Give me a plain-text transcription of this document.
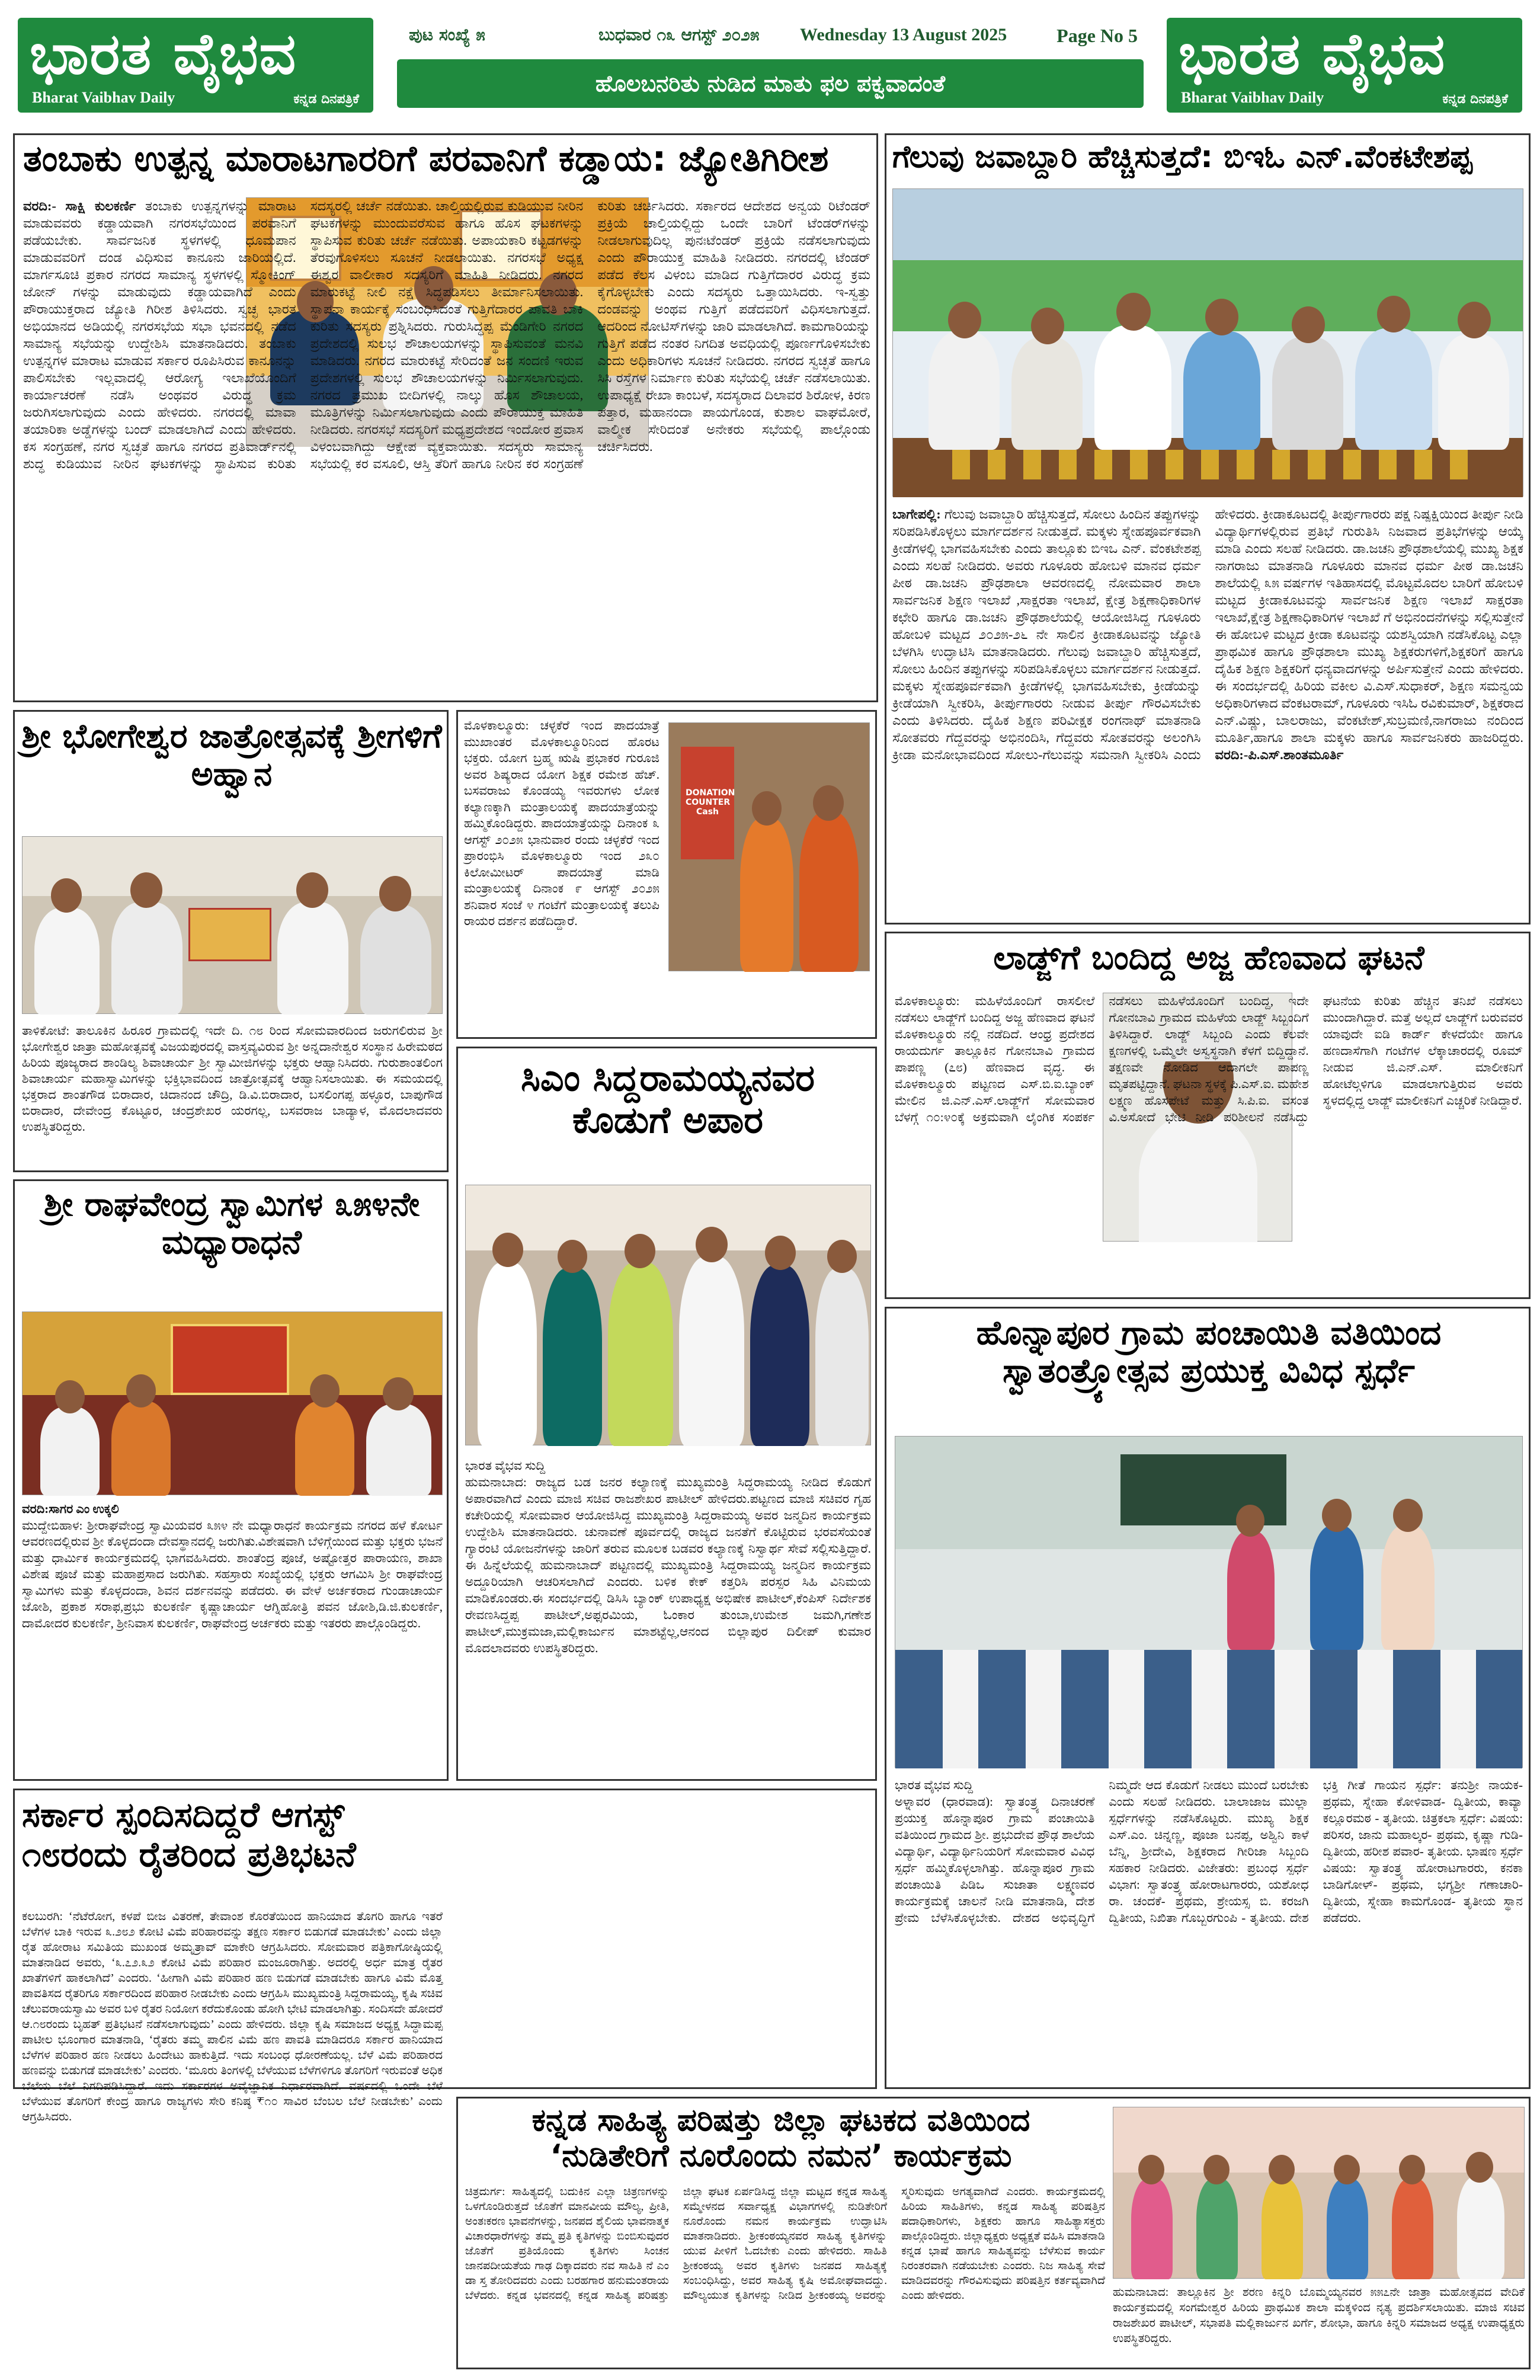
ಭಾರತ ವೈಭವ
Bharat Vaibhav Daily	ಕನ್ನಡ ದಿನಪತ್ರಿಕೆ
ಪುಟ ಸಂಖ್ಯೆ ೫	ಬುಧವಾರ ೧೩ ಆಗಸ್ಟ್ ೨೦೨೫ Wednesday 13 August 2025	Page No 5
ಹೊಲಬನರಿತು ನುಡಿದ ಮಾತು ಫಲ ಪಕ್ವವಾದಂತೆ	ಭಾರತ ವೈಭವ
Bharat Vaibhav Daily	ಕನ್ನಡ ದಿನಪತ್ರಿಕೆ
ತಂಬಾಕು ಉತ್ಪನ್ನ ಮಾರಾಟಗಾರರಿಗೆ ಪರವಾನಿಗೆ ಕಡ್ಡಾಯ: ಜ್ಯೋತಿಗಿರೀಶ
ವರದಿ:- ಸಾಕ್ಷಿ ಕುಲಕರ್ಣಿ ತಂಬಾಕು ಉತ್ಪನ್ನಗಳನ್ನು ಮಾರಾಟ ಮಾಡುವವರು ಕಡ್ಡಾಯವಾಗಿ ನಗರಸಭೆಯಿಂದ ಪರವಾನಿಗೆ ಪಡೆಯಬೇಕು. ಸಾರ್ವಜನಿಕ ಸ್ಥಳಗಳಲ್ಲಿ ಧೂಮಪಾನ ಮಾಡುವವರಿಗೆ ದಂಡ ವಿಧಿಸುವ ಕಾನೂನು ಜಾರಿಯಲ್ಲಿದೆ. ಮಾರ್ಗಸೂಚಿ ಪ್ರಕಾರ ನಗರದ ಸಾಮಾನ್ಯ ಸ್ಥಳಗಳಲ್ಲಿ ಸ್ಮೋಕಿಂಗ್ ಜೋನ್ ಗಳನ್ನು ಮಾಡುವುದು ಕಡ್ಡಾಯವಾಗಿದೆ ಎಂದು ಪೌರಾಯುಕ್ತರಾದ ಜ್ಯೋತಿ ಗಿರೀಶ ತಿಳಿಸಿದರು. ಸ್ವಚ್ಛ ಭಾರತ ಅಭಿಯಾನದ ಅಡಿಯಲ್ಲಿ ನಗರಸಭೆಯ ಸಭಾ ಭವನದಲ್ಲಿ ನಡೆದ ಸಾಮಾನ್ಯ ಸಭೆಯನ್ನು ಉದ್ದೇಶಿಸಿ ಮಾತನಾಡಿದರು. ತಂಬಾಕು ಉತ್ಪನ್ನಗಳ ಮಾರಾಟ ಮಾಡುವ ಸರ್ಕಾರ ರೂಪಿಸಿರುವ ಕಾನೂನನ್ನು ಪಾಲಿಸಬೇಕು ಇಲ್ಲವಾದಲ್ಲಿ ಆರೋಗ್ಯ ಇಲಾಖೆಯೊಂದಿಗೆ ಕಾರ್ಯಾಚರಣೆ ನಡೆಸಿ ಅಂಥವರ ವಿರುದ್ಧ ಕ್ರಮ ಜರುಗಿಸಲಾಗುವುದು ಎಂದು ಹೇಳಿದರು. ನಗರದಲ್ಲಿ ಮಾವಾ ತಯಾರಿಕಾ ಅಡ್ಡೆಗಳನ್ನು ಬಂದ್ ಮಾಡಲಾಗಿದೆ ಎಂದು ಹೇಳಿದರು. ಕಸ ಸಂಗ್ರಹಣೆ, ನಗರ ಸ್ವಚ್ಛತೆ ಹಾಗೂ ನಗರದ ಪ್ರತಿವಾರ್ಡ್‌ನಲ್ಲಿ ಶುದ್ಧ ಕುಡಿಯುವ ನೀರಿನ ಘಟಕಗಳನ್ನು ಸ್ಥಾಪಿಸುವ ಕುರಿತು ಸದಸ್ಯರಲ್ಲಿ ಚರ್ಚೆ ನಡೆಯಿತು. ಚಾಲ್ತಿಯಲ್ಲಿರುವ ಕುಡಿಯುವ ನೀರಿನ ಘಟಕಗಳನ್ನು ಮುಂದುವರೆಸುವ ಹಾಗೂ ಹೊಸ ಘಟಕಗಳನ್ನು ಸ್ಥಾಪಿಸುವ ಕುರಿತು ಚರ್ಚೆ ನಡೆಯಿತು. ಅಪಾಯಕಾರಿ ಕಟ್ಟಡಗಳನ್ನು ತೆರವುಗೊಳಿಸಲು ಸೂಚನೆ ನೀಡಲಾಯಿತು. ನಗರಸಭೆ ಅಧ್ಯಕ್ಷ ಈಶ್ವರ ವಾಲೀಕಾರ ಸದಸ್ಯರಿಗೆ ಮಾಹಿತಿ ನೀಡಿದರು. ನಗರದ ಮಾರುಕಟ್ಟೆ ನೀಲಿ ನಕ್ಷೆ ಸಿದ್ಧಪಡಿಸಲು ತೀರ್ಮಾನಿಸಲಾಯಿತು. ಸ್ಥಾಪನಾ ಕಾರ್ಯಕ್ಕೆ ಸಂಬಂಧಿಸಿದಂತೆ ಗುತ್ತಿಗೆದಾರರ ಪಾವತಿ ಬಾಕಿ ಕುರಿತು ಸದಸ್ಯರು ಪ್ರಶ್ನಿಸಿದರು. ಗುರುಸಿದ್ಧಪ್ಪ ಮೆಂಡಿಗೇರಿ ನಗರದ ಪ್ರದೇಶದಲ್ಲಿ ಸುಲಭ ಶೌಚಾಲಯಗಳನ್ನು ಸ್ಥಾಪಿಸುವಂತೆ ಮನವಿ ಮಾಡಿದರು. ನಗರದ ಮಾರುಕಟ್ಟೆ ಸೇರಿದಂತೆ ಜನ ಸಂದಣಿ ಇರುವ ಪ್ರದೇಶಗಳಲ್ಲಿ ಸುಲಭ ಶೌಚಾಲಯಗಳನ್ನು ನಿರ್ಮಿಸಲಾಗುವುದು. ನಗರದ ಪ್ರಮುಖ ಬೀದಿಗಳಲ್ಲಿ ನಾಲ್ಕು ಹೊಸ ಶೌಚಾಲಯ, ಮೂತ್ರಿಗಳನ್ನು ನಿರ್ಮಿಸಲಾಗುವುದು ಎಂದು ಪೌರಾಯುಕ್ತ ಮಾಹಿತಿ ನೀಡಿದರು. ನಗರಸಭೆ ಸದಸ್ಯರಿಗೆ ಮಧ್ಯಪ್ರದೇಶದ ಇಂದೋರ ಪ್ರವಾಸ ವಿಳಂಬವಾಗಿದ್ದು ಆಕ್ಷೇಪ ವ್ಯಕ್ತವಾಯಿತು. ಸದಸ್ಯರು ಸಾಮಾನ್ಯ ಸಭೆಯಲ್ಲಿ ಕರ ವಸೂಲಿ, ಆಸ್ತಿ ತೆರಿಗೆ ಹಾಗೂ ನೀರಿನ ಕರ ಸಂಗ್ರಹಣೆ ಕುರಿತು ಚರ್ಚಿಸಿದರು. ಸರ್ಕಾರದ ಆದೇಶದ ಅನ್ವಯ ರಿಟೆಂಡರ್ ಪ್ರಕ್ರಿಯೆ ಚಾಲ್ತಿಯಲ್ಲಿದ್ದು ಒಂದೇ ಬಾರಿಗೆ ಟೆಂಡರ್‌ಗಳನ್ನು ನೀಡಲಾಗುವುದಿಲ್ಲ ಪುನಃಟೆಂಡರ್ ಪ್ರಕ್ರಿಯೆ ನಡೆಸಲಾಗುವುದು ಎಂದು ಪೌರಾಯುಕ್ತ ಮಾಹಿತಿ ನೀಡಿದರು. ನಗರದಲ್ಲಿ ಟೆಂಡರ್ ಪಡೆದ ಕೆಲಸ ವಿಳಂಬ ಮಾಡಿದ ಗುತ್ತಿಗೆದಾರರ ವಿರುದ್ಧ ಕ್ರಮ ಕೈಗೊಳ್ಳಬೇಕು ಎಂದು ಸದಸ್ಯರು ಒತ್ತಾಯಿಸಿದರು. ಇ-ಸ್ವತ್ತು ದಂಡವನ್ನು ಅಂಥವ ಗುತ್ತಿಗೆ ಪಡೆದವರಿಗೆ ವಿಧಿಸಲಾಗುತ್ತದೆ. ಆದರಿಂದ ನೋಟಿಸ್‌ಗಳನ್ನು ಜಾರಿ ಮಾಡಲಾಗಿದೆ. ಕಾಮಗಾರಿಯನ್ನು ಗುತ್ತಿಗೆ ಪಡೆದ ನಂತರ ನಿಗದಿತ ಅವಧಿಯಲ್ಲಿ ಪೂರ್ಣಗೊಳಿಸಬೇಕು ಎಂದು ಅಧಿಕಾರಿಗಳು ಸೂಚನೆ ನೀಡಿದರು. ನಗರದ ಸ್ವಚ್ಛತೆ ಹಾಗೂ ಸಿಸಿ ರಸ್ತೆಗಳ ನಿರ್ಮಾಣ ಕುರಿತು ಸಭೆಯಲ್ಲಿ ಚರ್ಚೆ ನಡೆಸಲಾಯಿತು. ಉಪಾಧ್ಯಕ್ಷೆ ರೇಖಾ ಕಾಂಬಳೆ, ಸದಸ್ಯರಾದ ದಿಲಾವರ ಶಿರೋಳ, ಕಿರಣ ಪತ್ತಾರ, ಮಹಾನಂದಾ ಪಾಯಗೊಂಡ, ಕುಶಾಲ ವಾಘಮೋರೆ, ವಾಲ್ಮೀಕ ಸೇರಿದಂತೆ ಅನೇಕರು ಸಭೆಯಲ್ಲಿ ಪಾಲ್ಗೊಂಡು ಚರ್ಚಿಸಿದರು.
ಗೆಲುವು ಜವಾಬ್ದಾರಿ ಹೆಚ್ಚಿಸುತ್ತದೆ: ಬಿಇಓ ಎನ್.ವೆಂಕಟೇಶಪ್ಪ
ಬಾಗೇಪಲ್ಲಿ: ಗೆಲುವು ಜವಾಬ್ದಾರಿ ಹೆಚ್ಚಿಸುತ್ತದೆ, ಸೋಲು ಹಿಂದಿನ ತಪ್ಪುಗಳನ್ನು ಸರಿಪಡಿಸಿಕೊಳ್ಳಲು ಮಾರ್ಗದರ್ಶನ ನೀಡುತ್ತದೆ. ಮಕ್ಕಳು ಸ್ನೇಹಪೂರ್ವಕವಾಗಿ ಕ್ರೀಡೆಗಳಲ್ಲಿ ಭಾಗವಹಿಸಬೇಕು ಎಂದು ತಾಲ್ಲೂಕು ಬಿಇಒ ಎನ್. ವೆಂಕಟೇಶಪ್ಪ ಎಂದು ಸಲಹೆ ನೀಡಿದರು. ಅವರು ಗೂಳೂರು ಹೋಬಳಿ ಮಾನವ ಧರ್ಮ ಪೀಠ ಡಾ.ಜಚನಿ ಪ್ರೌಢಶಾಲಾ ಆವರಣದಲ್ಲಿ ನೋಮವಾರ ಶಾಲಾ ಸಾರ್ವಜನಿಕ ಶಿಕ್ಷಣ ಇಲಾಖೆ ,ಸಾಕ್ಷರತಾ ಇಲಾಖೆ, ಕ್ಷೇತ್ರ ಶಿಕ್ಷಣಾಧಿಕಾರಿಗಳ ಕಛೇರಿ ಹಾಗೂ ಡಾ.ಜಚನಿ ಪ್ರೌಢಶಾಲೆಯಲ್ಲಿ ಆಯೋಜಿಸಿದ್ದ ಗೂಳೂರು ಹೋಬಳಿ ಮಟ್ಟದ ೨೦೨೫-೨೬ ನೇ ಸಾಲಿನ ಕ್ರೀಡಾಕೂಟವನ್ನು ಜ್ಯೋತಿ ಬೆಳಗಿಸಿ ಉದ್ಘಾಟಿಸಿ ಮಾತನಾಡಿದರು. ಗೆಲುವು ಜವಾಬ್ದಾರಿ ಹೆಚ್ಚಿಸುತ್ತದೆ, ಸೋಲು ಹಿಂದಿನ ತಪ್ಪುಗಳನ್ನು ಸರಿಪಡಿಸಿಕೊಳ್ಳಲು ಮಾರ್ಗದರ್ಶನ ನೀಡುತ್ತದೆ. ಮಕ್ಕಳು ಸ್ನೇಹಪೂರ್ವಕವಾಗಿ ಕ್ರೀಡೆಗಳಲ್ಲಿ ಭಾಗವಹಿಸಬೇಕು, ಕ್ರೀಡೆಯನ್ನು ಕ್ರೀಡೆಯಾಗಿ ಸ್ವೀಕರಿಸಿ, ತೀರ್ಪುಗಾರರು ನೀಡುವ ತೀರ್ಪು ಗೌರವಿಸಬೇಕು ಎಂದು ತಿಳಿಸಿದರು. ದೈಹಿಕ ಶಿಕ್ಷಣ ಪರಿವೀಕ್ಷಕ ರಂಗನಾಥ್ ಮಾತನಾಡಿ ಸೋತವರು ಗೆದ್ದವರನ್ನು ಅಭಿನಂದಿಸಿ, ಗೆದ್ದವರು ಸೋತವರನ್ನು ಅಲಂಗಿಸಿ ಕ್ರೀಡಾ ಮನೋಭಾವದಿಂದ ಸೋಲು-ಗೆಲುವನ್ನು ಸಮನಾಗಿ ಸ್ವೀಕರಿಸಿ ಎಂದು ಹೇಳಿದರು. ಕ್ರೀಡಾಕೂಟದಲ್ಲಿ ತೀರ್ಪುಗಾರರು ಪಕ್ಷ ನಿಷ್ಪಕ್ಷಿಯಿಂದ ತೀರ್ಪು ನೀಡಿ ವಿದ್ಯಾರ್ಥಿಗಳಲ್ಲಿರುವ ಪ್ರತಿಭೆ ಗುರುತಿಸಿ ನಿಜವಾದ ಪ್ರತಿಭೆಗಳನ್ನು ಆಯ್ಕೆ ಮಾಡಿ ಎಂದು ಸಲಹೆ ನೀಡಿದರು. ಡಾ.ಜಚನಿ ಪ್ರೌಢಶಾಲೆಯಲ್ಲಿ ಮುಖ್ಯ ಶಿಕ್ಷಕ ನಾಗರಾಜು ಮಾತನಾಡಿ ಗೂಳೂರು ಮಾನವ ಧರ್ಮ ಪೀಠ ಡಾ.ಜಚನಿ ಶಾಲೆಯಲ್ಲಿ ೩೫ ವರ್ಷಗಳ ಇತಿಹಾಸದಲ್ಲಿ ಮೊಟ್ಟಮೊದಲ ಬಾರಿಗೆ ಹೋಬಳಿ ಮಟ್ಟದ ಕ್ರೀಡಾಕೂಟವನ್ನು ಸಾರ್ವಜನಿಕ ಶಿಕ್ಷಣ ಇಲಾಖೆ ಸಾಕ್ಷರತಾ ಇಲಾಖೆ,ಕ್ಷೇತ್ರ ಶಿಕ್ಷಣಾಧಿಕಾರಿಗಳ ಇಲಾಖೆ ಗೆ ಅಭಿನಂದನೆಗಳನ್ನು ಸಲ್ಲಿಸುತ್ತೇನೆ ಈ ಹೋಬಳಿ ಮಟ್ಟದ ಕ್ರೀಡಾ ಕೂಟವನ್ನು ಯಶಸ್ವಿಯಾಗಿ ನಡೆಸಿಕೊಟ್ಟ ಎಲ್ಲಾ ಪ್ರಾಥಮಿಕ ಹಾಗೂ ಪ್ರೌಢಶಾಲಾ ಮುಖ್ಯ ಶಿಕ್ಷಕರುಗಳಿಗೆ,ಶಿಕ್ಷಕರಿಗೆ ಹಾಗೂ ದೈಹಿಕ ಶಿಕ್ಷಣ ಶಿಕ್ಷಕರಿಗೆ ಧನ್ಯವಾದಗಳನ್ನು ಅರ್ಪಿಸುತ್ತೇನೆ ಎಂದು ಹೇಳಿದರು. ಈ ಸಂದರ್ಭದಲ್ಲಿ ಹಿರಿಯ ವಕೀಲ ವಿ.ಎಸ್.ಸುಧಾಕರ್, ಶಿಕ್ಷಣ ಸಮನ್ವಯ ಅಧಿಕಾರಿಗಳಾದ ವೆಂಕಟರಾಮ್, ಗೂಳೂರು ಇಸಿಓ ರವಿಕುಮಾರ್, ಶಿಕ್ಷಕರಾದ ಎನ್.ವಿಷ್ಣು, ಬಾಲರಾಜು, ವೆಂಕಟೇಶ್,ಸುಬ್ರಮಣಿ,ನಾಗರಾಜು ನಂದಿಂದ ಮೂರ್ತಿ,ಹಾಗೂ ಶಾಲಾ ಮಕ್ಕಳು ಹಾಗೂ ಸಾರ್ವಜನಿಕರು ಹಾಜರಿದ್ದರು. ವರದಿ:-ಪಿ.ಎಸ್.ಶಾಂತಮೂರ್ತಿ
ಶ್ರೀ ಭೋಗೇಶ್ವರ ಜಾತ್ರೋತ್ಸವಕ್ಕೆ ಶ್ರೀಗಳಿಗೆ ಅಹ್ವಾನ
ತಾಳಿಕೋಟೆ: ತಾಲೂಕಿನ ಹಿರೂರ ಗ್ರಾಮದಲ್ಲಿ ಇದೇ ದಿ. ೧೮ ರಿಂದ ಸೋಮವಾರದಿಂದ ಜರುಗಲಿರುವ ಶ್ರೀ ಭೋಗೇಶ್ವರ ಜಾತ್ರಾ ಮಹೋತ್ಸವಕ್ಕೆ ವಿಜಯಪುರದಲ್ಲಿ ವಾಸ್ತವ್ಯವಿರುವ ಶ್ರೀ ಅನ್ನದಾನೇಶ್ವರ ಸಂಸ್ಥಾನ ಹಿರೇಮಠದ ಹಿರಿಯ ಪೂಜ್ಯರಾದ ಶಾಂಡಿಲ್ಯ ಶಿವಾಚಾರ್ಯ ಶ್ರೀ ಸ್ವಾಮೀಜಿಗಳನ್ನು ಭಕ್ತರು ಆಹ್ವಾನಿಸಿದರು. ಗುರುಶಾಂತಲಿಂಗ ಶಿವಾಚಾರ್ಯ ಮಹಾಸ್ವಾಮಿಗಳನ್ನು ಭಕ್ತಿಭಾವದಿಂದ ಜಾತ್ರೋತ್ಸವಕ್ಕೆ ಆಹ್ವಾನಿಸಲಾಯಿತು. ಈ ಸಮಯದಲ್ಲಿ ಭಕ್ತರಾದ ಶಾಂತಗೌಡ ಬಿರಾದಾರ, ಚಿದಾನಂದ ಚೌದ್ರಿ, ಡಿ.ವಿ.ಬಿರಾದಾರ, ಬಸಲಿಂಗಪ್ಪ ಹಳ್ಳೂರ, ಬಾಪುಗೌಡ ಬಿರಾದಾರ, ದೇವೇಂದ್ರ ಕೊಟ್ಟೂರ, ಚಂದ್ರಶೇಖರ ಯರಗಲ್ಲ, ಬಸವರಾಜ ಬಾಡ್ಯಾಳ, ಮೊದಲಾದವರು ಉಪಸ್ಥಿತರಿದ್ದರು.
ಮೊಳಕಾಲ್ಮೂರು: ಚಳ್ಳಕೆರೆ ಇಂದ ಪಾದಯಾತ್ರೆ ಮುಖಾಂತರ ಮೊಳಕಾಲ್ಮೂರಿನಿಂದ ಹೊರಟ ಭಕ್ತರು. ಯೋಗ ಬ್ರಹ್ಮ ಋಷಿ ಪ್ರಭಾಕರ ಗುರೂಜಿ ಅವರ ಶಿಷ್ಯರಾದ ಯೋಗ ಶಿಕ್ಷಕ ರಮೇಶ ಹೆಚ್. ಬಸವರಾಜು ಕೊಂಡಯ್ಯ ಇವರುಗಳು ಲೋಕ ಕಲ್ಯಾಣಕ್ಕಾಗಿ ಮಂತ್ರಾಲಯಕ್ಕೆ ಪಾದಯಾತ್ರೆಯನ್ನು ಹಮ್ಮಿಕೊಂಡಿದ್ದರು. ಪಾದಯಾತ್ರೆಯನ್ನು ದಿನಾಂಕ ೩ ಆಗಸ್ಟ್ ೨೦೨೫ ಭಾನುವಾರ ರಂದು ಚಳ್ಳಕೆರೆ ಇಂದ ಪ್ರಾರಂಭಿಸಿ ಮೊಳಕಾಲ್ಮೂರು ಇಂದ ೨೩೦ ಕಿಲೋಮೀಟರ್ ಪಾದಯಾತ್ರೆ ಮಾಡಿ ಮಂತ್ರಾಲಯಕ್ಕೆ ದಿನಾಂಕ ೯ ಆಗಸ್ಟ್ ೨೦೨೫ ಶನಿವಾರ ಸಂಜೆ ೪ ಗಂಟೆಗೆ ಮಂತ್ರಾಲಯಕ್ಕೆ ತಲುಪಿ ರಾಯರ ದರ್ಶನ ಪಡೆದಿದ್ದಾರೆ.
DONATION COUNTER
Cash
ಶ್ರೀ ರಾಘವೇಂದ್ರ ಸ್ವಾಮಿಗಳ ೩೫೪ನೇ ಮಧ್ಯಾರಾಧನೆ
ವರದಿ:ಸಾಗರ ಎಂ ಉಕ್ಕಲಿ
ಮುದ್ದೇಬಿಹಾಳ: ಶ್ರೀರಾಘವೇಂದ್ರ ಸ್ವಾಮಿಯವರ ೩೫೪ ನೇ ಮಧ್ಯಾರಾಧನೆ ಕಾರ್ಯಕ್ರಮ ನಗರದ ಹಳೆ ಕೋರ್ಟ ಆವರಣದಲ್ಲಿರುವ ಶ್ರೀ ಕೊಳ್ಳದಂದಾ ದೇವಸ್ಥಾನದಲ್ಲಿ ಜರುಗಿತು.ವಿಶೇಷವಾಗಿ ಬೆಳಿಗ್ಗೆಯಿಂದ ಮತ್ತು ಭಕ್ತರು ಭಜನೆ ಮತ್ತು ಧಾರ್ಮಿಕ ಕಾರ್ಯಕ್ರಮದಲ್ಲಿ ಭಾಗವಹಿಸಿದರು. ಶಾಂತೆಂದ್ರ ಪೂಜೆ, ಅಷ್ಟೋತ್ತರ ಪಾರಾಯಣ, ಶಾಖಾ ವಿಶೇಷ ಪೂಜೆ ಮತ್ತು ಮಹಾಪ್ರಸಾದ ಜರುಗಿತು. ಸಹಸ್ರಾರು ಸಂಖ್ಯೆಯಲ್ಲಿ ಭಕ್ತರು ಆಗಮಿಸಿ ಶ್ರೀ ರಾಘವೇಂದ್ರ ಸ್ವಾಮಿಗಳು ಮತ್ತು ಕೊಳ್ಳದಂದಾ, ಶಿವನ ದರ್ಶನವನ್ನು ಪಡೆದರು. ಈ ವೇಳೆ ಅರ್ಚಕರಾದ ಗುಂಡಾಚಾರ್ಯ ಜೋಶಿ, ಪ್ರಕಾಶ ಸರಾಫ,ಪ್ರಭು ಕುಲಕರ್ಣಿ ಕೃಷ್ಣಾಚಾರ್ಯ ಆಗ್ನಿಹೋತ್ರಿ ಪವನ ಜೋಶಿ,ಡಿ.ಜಿ.ಕುಲಕರ್ಣಿ, ದಾಮೋದರ ಕುಲಕರ್ಣಿ, ಶ್ರೀನಿವಾಸ ಕುಲಕರ್ಣಿ, ರಾಘವೇಂದ್ರ ಅರ್ಚಕರು ಮತ್ತು ಇತರರು ಪಾಲ್ಗೊಂಡಿದ್ದರು.
ಸಿಎಂ ಸಿದ್ದರಾಮಯ್ಯನವರ ಕೊಡುಗೆ ಅಪಾರ
ಭಾರತ ವೈಭವ ಸುದ್ದಿ
ಹುಮನಾಬಾದ: ರಾಜ್ಯದ ಬಡ ಜನರ ಕಲ್ಯಾಣಕ್ಕೆ ಮುಖ್ಯಮಂತ್ರಿ ಸಿದ್ದರಾಮಯ್ಯ ನೀಡಿದ ಕೊಡುಗೆ ಅಪಾರವಾಗಿದೆ ಎಂದು ಮಾಜಿ ಸಚಿವ ರಾಜಶೇಖರ ಪಾಟೀಲ್ ಹೇಳಿದರು.ಪಟ್ಟಣದ ಮಾಜಿ ಸಚಿವರ ಗೃಹ ಕಚೇರಿಯಲ್ಲಿ ಸೋಮವಾರ ಆಯೋಜಿಸಿದ್ದ ಮುಖ್ಯಮಂತ್ರಿ ಸಿದ್ದರಾಮಯ್ಯ ಅವರ ಜನ್ಮದಿನ ಕಾರ್ಯಕ್ರಮ ಉದ್ದೇಶಿಸಿ ಮಾತನಾಡಿದರು. ಚುನಾವಣೆ ಪೂರ್ವದಲ್ಲಿ ರಾಜ್ಯದ ಜನತೆಗೆ ಕೊಟ್ಟಿರುವ ಭರವಸೆಯಂತೆ ಗ್ಯಾರಂಟಿ ಯೋಜನೆಗಳನ್ನು ಜಾರಿಗೆ ತರುವ ಮೂಲಕ ಬಡವರ ಕಲ್ಯಾಣಕ್ಕೆ ನಿಸ್ವಾರ್ಥ ಸೇವೆ ಸಲ್ಲಿಸುತ್ತಿದ್ದಾರೆ. ಈ ಹಿನ್ನೆಲೆಯಲ್ಲಿ ಹುಮನಾಬಾದ್ ಪಟ್ಟಣದಲ್ಲಿ ಮುಖ್ಯಮಂತ್ರಿ ಸಿದ್ದರಾಮಯ್ಯ ಜನ್ಮದಿನ ಕಾರ್ಯಕ್ರಮ ಅದ್ದೂರಿಯಾಗಿ ಆಚರಿಸಲಾಗಿದೆ ಎಂದರು. ಬಳಿಕ ಕೇಕ್ ಕತ್ತರಿಸಿ ಪರಸ್ಪರ ಸಿಹಿ ವಿನಿಮಯ ಮಾಡಿಕೊಂಡರು.ಈ ಸಂದರ್ಭದಲ್ಲಿ ಡಿಸಿಸಿ ಬ್ಯಾಂಕ್ ಉಪಾಧ್ಯಕ್ಷ ಅಭಿಷೇಕ ಪಾಟೀಲ್,ಕೆಂಪಿಸ್ ನಿರ್ದೇಶಕ ರೇವಣಸಿದ್ದಪ್ಪ ಪಾಟೀಲ್,ಅಫ್ಸರಮಿಯ, ಓಂಕಾರ ತುಂಬಾ,ಉಮೇಶ ಜಮಗಿ,ಗಣೇಶ ಪಾಟೀಲ್,ಮುಕ್ರಮಜಾ,ಮಲ್ಲಿಕಾರ್ಜುನ ಮಾಶಟ್ಟೆಲ್ಲ,ಆನಂದ ಬಿಲ್ಲಾಪುರ ದಿಲೀಪ್ ಕುಮಾರ ಮೊದಲಾದವರು ಉಪಸ್ಥಿತರಿದ್ದರು.
ಲಾಡ್ಜ್‌ಗೆ ಬಂದಿದ್ದ ಅಜ್ಜ ಹೆಣವಾದ ಘಟನೆ
ಮೊಳಕಾಲ್ಮೂರು: ಮಹಿಳೆಯೊಂದಿಗೆ ರಾಸಲೀಲೆ ನಡೆಸಲು ಲಾಡ್ಜ್‌ಗೆ ಬಂದಿದ್ದ ಅಜ್ಜ ಹೆಣವಾದ ಘಟನೆ ಮೊಳಕಾಲ್ಮೂರು ನಲ್ಲಿ ನಡೆದಿದೆ. ಆಂಧ್ರ ಪ್ರದೇಶದ ರಾಯದುರ್ಗ ತಾಲ್ಲೂಕಿನ ಗೋನಬಾವಿ ಗ್ರಾಮದ ಪಾಪಣ್ಣ (೭೮) ಹೆಣವಾದ ವೃದ್ಧ. ಈ ಮೊಳಕಾಲ್ಮೂರು ಪಟ್ಟಣದ ಎಸ್.ಬಿ.ಐ.ಬ್ಯಾಂಕ್ ಮೇಲಿನ ಜಿ.ಎನ್.ಎಸ್.ಲಾಡ್ಜ್‌ಗೆ ಸೋಮವಾರ ಬೆಳಗ್ಗೆ ೧೦:೪೦ಕ್ಕೆ ಅಕ್ರಮವಾಗಿ ಲೈಂಗಿಕ ಸಂಪರ್ಕ ನಡೆಸಲು ಮಹಿಳೆಯೊಂದಿಗೆ ಬಂದಿದ್ದ, ಇದೇ ಗೋನಬಾವಿ ಗ್ರಾಮದ ಮಹಿಳೆಯ ಲಾಡ್ಜ್ ಸಿಬ್ಬಂದಿಗೆ ತಿಳಿಸಿದ್ದಾರೆ. ಲಾಡ್ಜ್ ಸಿಬ್ಬಂದಿ ಎಂದು ಕೆಲವೇ ಕ್ಷಣಗಳಲ್ಲಿ ಒಮ್ಮೆಲೇ ಅಸ್ವಸ್ಥನಾಗಿ ಕೆಳಗೆ ಬಿದ್ದಿದ್ದಾನೆ. ತಕ್ಷಣವೇ ನೋಡಿದ ಆದಾಗಲೇ ಪಾಪಣ್ಣ ಮೃತಪಟ್ಟಿದ್ದಾನೆ. ಘಟನಾ ಸ್ಥಳಕ್ಕೆ ಪಿ.ಎಸ್.ಐ. ಮಹೇಶ ಲಕ್ಷ್ಮಣ ಹೊಸಪೇಟೆ ಮತ್ತು ಸಿ.ಪಿ.ಐ. ವಸಂತ ವಿ.ಅಸೋದೆ ಭೇಟಿ ನೀಡಿ ಪರಿಶೀಲನೆ ನಡೆಸಿದ್ದು ಘಟನೆಯ ಕುರಿತು ಹೆಚ್ಚಿನ ತನಿಖೆ ನಡೆಸಲು ಮುಂದಾಗಿದ್ದಾರೆ. ಮತ್ತೆ ಅಲ್ಲದೆ ಲಾಡ್ಜ್‌ಗೆ ಬರುವವರ ಯಾವುದೇ ಐಡಿ ಕಾರ್ಡ್ ಕೇಳದೆಯೇ ಹಾಗೂ ಹಣದಾಸೆಗಾಗಿ ಗಂಟೆಗಳ ಲೆಕ್ಕಾಚಾರದಲ್ಲಿ ರೂಮ್ ನೀಡುವ ಜಿ.ಎನ್.ಎಸ್. ಮಾಲೀಕನಿಗೆ ಹೋಟೆಲ್ಗಳಿಗೂ ಮಾಡಲಾಗುತ್ತಿರುವ ಅವರು ಸ್ಥಳದಲ್ಲಿದ್ದ ಲಾಡ್ಜ್ ಮಾಲೀಕನಿಗೆ ಎಚ್ಚರಿಕೆ ನೀಡಿದ್ದಾರೆ.
ಹೊನ್ನಾಪೂರ ಗ್ರಾಮ ಪಂಚಾಯಿತಿ ವತಿಯಿಂದ ಸ್ವಾತಂತ್ರ್ಯೋತ್ಸವ ಪ್ರಯುಕ್ತ ವಿವಿಧ ಸ್ಪರ್ಧೆ
ಭಾರತ ವೈಭವ ಸುದ್ದಿ
ಅಳ್ನಾವರ (ಧಾರವಾಡ): ಸ್ವಾತಂತ್ರ್ಯ ದಿನಾಚರಣೆ ಪ್ರಯುಕ್ತ ಹೊನ್ನಾಪೂರ ಗ್ರಾಮ ಪಂಚಾಯಿತಿ ವತಿಯಿಂದ ಗ್ರಾಮದ ಶ್ರೀ. ಪ್ರಭುದೇವ ಪ್ರೌಢ ಶಾಲೆಯ ವಿದ್ಯಾರ್ಥಿ, ವಿದ್ಯಾರ್ಥಿನಿಯರಿಗೆ ಸೋಮವಾರ ವಿವಿಧ ಸ್ಪರ್ಧೆ ಹಮ್ಮಿಕೊಳ್ಳಲಾಗಿತ್ತು. ಹೊನ್ನಾಪೂರ ಗ್ರಾಮ ಪಂಚಾಯಿತಿ ಪಿಡಿಒ ಸುಜಾತಾ ಲಕ್ಷ್ಮಣವರ ಕಾರ್ಯಕ್ರಮಕ್ಕೆ ಚಾಲನೆ ನೀಡಿ ಮಾತನಾಡಿ, ದೇಶ ಪ್ರೇಮ ಬೆಳೆಸಿಕೊಳ್ಳಬೇಕು. ದೇಶದ ಅಭಿವೃದ್ಧಿಗೆ ನಿಮ್ಮದೇ ಆದ ಕೊಡುಗೆ ನೀಡಲು ಮುಂದೆ ಬರಬೇಕು ಎಂದು ಸಲಹೆ ನೀಡಿದರು. ಬಾಲಾಜಾಜ ಮುಲ್ಲಾ ಸ್ಪರ್ಧೆಗಳನ್ನು ನಡೆಸಿಕೊಟ್ಟರು. ಮುಖ್ಯ ಶಿಕ್ಷಕ ಎಸ್.ಎಂ. ಚಿನ್ನಣ್ಣ, ಪೂಜಾ ಬನಪ್ಪ, ಅಶ್ವಿನಿ ಕಾಳೆ ಬೆನ್ನಿ, ಶ್ರೀದೇವಿ, ಶಿಕ್ಷಕರಾದ ಗೀರಿಜಾ ಸಿಬ್ಬಂದಿ ಸಹಕಾರ ನೀಡಿದರು. ವಿಜೇತರು: ಪ್ರಬಂಧ ಸ್ಪರ್ಧೆ ವಿಭಾಗ: ಸ್ವಾತಂತ್ರ್ಯ ಹೋರಾಟಗಾರರು, ಯಶೋಧ ರಾ. ಚಂದಕೆ- ಪ್ರಥಮ, ಶ್ರೇಯಸ್ಸ ಬಿ. ಕರಜಗಿ ದ್ವಿತೀಯ, ನಿಖಿತಾ ಗೊಬ್ಬರಗುಂಪಿ - ತೃತೀಯ. ದೇಶ ಭಕ್ತಿ ಗೀತೆ ಗಾಯನ ಸ್ಪರ್ಧೆ: ತನುಶ್ರೀ ನಾಯಕ- ಪ್ರಥಮ, ಸ್ನೇಹಾ ಕೋಳಿವಾಡ- ದ್ವಿತೀಯ, ಕಾವ್ಯಾ ಕಲ್ಲೂರಮಠ - ತೃತೀಯ. ಚಿತ್ರಕಲಾ ಸ್ಪರ್ಧೆ: ವಿಷಯ: ಪರಿಸರ, ಜಾನು ಮಹಾಲ್ಕರ- ಪ್ರಥಮ, ಕೃಷ್ಣಾ ಗುಡಿ- ದ್ವಿತೀಯ, ಹರೀಶ ಪವಾರ- ತೃತೀಯ. ಭಾಷಣ ಸ್ಪರ್ಧೆ ವಿಷಯ: ಸ್ವಾತಂತ್ರ್ಯ ಹೋರಾಟಗಾರರು, ಕನಕಾ ಬಾಡಿಗೋಳ್- ಪ್ರಥಮ, ಭಗ್ಯಶ್ರೀ ಗಣಾಚಾರಿ- ದ್ವಿತೀಯ, ಸ್ನೇಹಾ ಕಾಮಗೊಂಡ- ತೃತೀಯ ಸ್ಥಾನ ಪಡೆದರು.
ಸರ್ಕಾರ ಸ್ಪಂದಿಸದಿದ್ದರೆ ಆಗಸ್ಟ್ ೧೮ರಂದು ರೈತರಿಂದ ಪ್ರತಿಭಟನೆ
ಕಲಬುರಗಿ: ‘ನೆಟೆರೋಗ, ಕಳಪೆ ಬೀಜ ವಿತರಣೆ, ತೇವಾಂಶ ಕೊರತೆಯಿಂದ ಹಾನಿಯಾದ ತೊಗರಿ ಹಾಗೂ ಇತರೆ ಬೆಳೆಗಳ ಬಾಕಿ ಇರುವ ೩.೨೮೨ ಕೋಟಿ ವಿಮೆ ಪರಿಹಾರವನ್ನು ತಕ್ಷಣ ಸರ್ಕಾರ ಬಿಡುಗಡೆ ಮಾಡಬೇಕು’ ಎಂದು ಜಿಲ್ಲಾ ರೈತ ಹೋರಾಟ ಸಮಿತಿಯ ಮುಖಂಡ ಅಮೃತ್ರಾವ್ ಮಾಕೇರಿ ಆಗ್ರಹಿಸಿದರು. ಸೋಮವಾರ ಪತ್ರಿಕಾಗೋಷ್ಠಿಯಲ್ಲಿ ಮಾತನಾಡಿದ ಅವರು, ‘೩.೭೨.೩೨ ಕೋಟಿ ವಿಮೆ ಪರಿಹಾರ ಮಂಜೂರಾಗಿತ್ತು. ಅದರಲ್ಲಿ ಅರ್ಧ ಮಾತ್ರ ರೈತರ ಖಾತೆಗಳಿಗೆ ಹಾಕಲಾಗಿದೆ’ ಎಂದರು. ‘ಹೀಗಾಗಿ ವಿಮೆ ಪರಿಹಾರ ಹಣ ಬಿಡುಗಡೆ ಮಾಡಬೇಕು ಹಾಗೂ ವಿಮೆ ಮೊತ್ತ ಪಾವತಿಸದ ರೈತರಿಗೂ ಸರ್ಕಾರದಿಂದ ಪರಿಹಾರ ನೀಡಬೇಕು ಎಂದು ಆಗ್ರಹಿಸಿ ಮುಖ್ಯಮಂತ್ರಿ ಸಿದ್ದರಾಮಯ್ಯ, ಕೃಷಿ ಸಚಿವ ಚೆಲುವರಾಯಸ್ವಾಮಿ ಅವರ ಬಳಿ ರೈತರ ನಿಯೋಗ ಕರೆದುಕೊಂಡು ಹೋಗಿ ಭೇಟಿ ಮಾಡಲಾಗಿತ್ತು. ಸಂದಿಸದೇ ಹೋದರೆ ಆ.೧೮ರಂದು ಬೃಹತ್ ಪ್ರತಿಭಟನೆ ನಡೆಸಲಾಗುವುದು’ ಎಂದು ಹೇಳಿದರು. ಜಿಲ್ಲಾ ಕೃಷಿ ಸಮಾಜದ ಅಧ್ಯಕ್ಷ ಸಿದ್ಧಾಮಪ್ಪ ಪಾಟೀಲ ಭೂಂಗಾರ ಮಾತನಾಡಿ, ‘ರೈತರು ತಮ್ಮ ಪಾಲಿನ ವಿಮೆ ಹಣ ಪಾವತಿ ಮಾಡಿದರೂ ಸರ್ಕಾರ ಹಾನಿಯಾದ ಬೆಳೆಗಳ ಪರಿಹಾರ ಹಣ ನೀಡಲು ಹಿಂದೇಟು ಹಾಕುತ್ತಿದೆ. ಇದು ಸಂಬಂಧ ಧೋರಣೆಯಲ್ಲ. ಬೆಳೆ ವಿಮೆ ಪರಿಹಾರದ ಹಣವನ್ನು ಬಿಡುಗಡೆ ಮಾಡಬೇಕು’ ಎಂದರು. ‘ಮೂರು ತಿಂಗಳಲ್ಲಿ ಬೆಳೆಯುವ ಬೆಳೆಗಳಿಗೂ ತೊಗರಿಗೆ ಇರುವಂತೆ ಅಧಿಕ ಬೆಲೆಯ ಬೆಲೆ ನಿಗದಿಪಡಿಸಿದ್ದಾರೆ. ಇದು ಸರ್ಕಾರಗಳ ಅವೈಜ್ಞಾನಿಕ ನಿರ್ಧಾರವಾಗಿದೆ. ವರ್ಷದಲ್ಲಿ ಒಂದೇ ಬೆಳೆ ಬೆಳೆಯುವ ತೊಗರಿಗೆ ಕೇಂದ್ರ ಹಾಗೂ ರಾಜ್ಯಗಳು ಸೇರಿ ಕನಿಷ್ಠ ₹೧೦ ಸಾವಿರ ಬೆಂಬಲ ಬೆಲೆ ನೀಡಬೇಕು’ ಎಂದು ಆಗ್ರಹಿಸಿದರು.	ಕನ್ನಡ ಸಾಹಿತ್ಯ ಪರಿಷತ್ತು ಜಿಲ್ಲಾ ಘಟಕದ ವತಿಯಿಂದ
‘ನುಡಿತೇರಿಗೆ ನೂರೊಂದು ನಮನ’ ಕಾರ್ಯಕ್ರಮ
ಚಿತ್ರದುರ್ಗ: ಸಾಹಿತ್ಯದಲ್ಲಿ ಬದುಕಿನ ಎಲ್ಲಾ ಚಿತ್ರಣಗಳನ್ನು ಒಳಗೊಂಡಿರುತ್ತದೆ ಜೊತೆಗೆ ಮಾನವೀಯ ಮೌಲ್ಯ, ಪ್ರೀತಿ, ಅಂತಃಕರಣ ಭಾವನೆಗಳನ್ನು, ಜನಪದ ಶೈಲಿಯ ಭಾವನಾತ್ಮಕ ವಿಚಾರಧಾರೆಗಳನ್ನು ತಮ್ಮ ಪ್ರತಿ ಕೃತಿಗಳನ್ನು ಬಿಂಬಿಸುವುದರ ಜೊತೆಗೆ ಪ್ರತಿಯೊಂದು ಕೃತಿಗಳು ಸಿಂಚನ ಜಾನಪದೀಯತೆಯ ಗಾಢ ದಿಕ್ಕಾದವರು ನವ ಸಾಹಿತಿ ನೆ ಎಂ ಡಾ ಸ್ತ ತೋರಿದವರು ಎಂದು ಬರಹಗಾರ ಹನುಮಂತರಾಯ ಬೆಳೆದರು. ಕನ್ನಡ ಭವನದಲ್ಲಿ ಕನ್ನಡ ಸಾಹಿತ್ಯ ಪರಿಷತ್ತು ಜಿಲ್ಲಾ ಘಟಕ ಏರ್ಪಡಿಸಿದ್ದ ಜಿಲ್ಲಾ ಮಟ್ಟದ ಕನ್ನಡ ಸಾಹಿತ್ಯ ಸಮ್ಮೇಳನದ ಸರ್ವಾಧ್ಯಕ್ಷ ವಿಭಾಗಗಳಲ್ಲಿ ನುಡಿತೇರಿಗೆ ನೂರೊಂದು ನಮನ ಕಾರ್ಯಕ್ರಮ ಉದ್ಘಾಟಿಸಿ ಮಾತನಾಡಿದರು. ಶ್ರೀಕಂಠಯ್ಯನವರ ಸಾಹಿತ್ಯ ಕೃತಿಗಳನ್ನು ಯುವ ಪೀಳಿಗೆ ಓದಬೇಕು ಎಂದು ಹೇಳಿದರು. ಸಾಹಿತಿ ಶ್ರೀಕಂಠಯ್ಯ ಅವರ ಕೃತಿಗಳು ಜನಪದ ಸಾಹಿತ್ಯಕ್ಕೆ ಸಂಬಂಧಿಸಿದ್ದು, ಅವರ ಸಾಹಿತ್ಯ ಕೃಷಿ ಅಮೋಘವಾದದ್ದು. ಮೌಲ್ಯಯುತ ಕೃತಿಗಳನ್ನು ನೀಡಿದ ಶ್ರೀಕಂಠಯ್ಯ ಅವರನ್ನು ಸ್ಮರಿಸುವುದು ಅಗತ್ಯವಾಗಿದೆ ಎಂದರು. ಕಾರ್ಯಕ್ರಮದಲ್ಲಿ ಹಿರಿಯ ಸಾಹಿತಿಗಳು, ಕನ್ನಡ ಸಾಹಿತ್ಯ ಪರಿಷತ್ತಿನ ಪದಾಧಿಕಾರಿಗಳು, ಶಿಕ್ಷಕರು ಹಾಗೂ ಸಾಹಿತ್ಯಾಸಕ್ತರು ಪಾಲ್ಗೊಂಡಿದ್ದರು. ಜಿಲ್ಲಾಧ್ಯಕ್ಷರು ಅಧ್ಯಕ್ಷತೆ ವಹಿಸಿ ಮಾತನಾಡಿ ಕನ್ನಡ ಭಾಷೆ ಹಾಗೂ ಸಾಹಿತ್ಯವನ್ನು ಬೆಳೆಸುವ ಕಾರ್ಯ ನಿರಂತರವಾಗಿ ನಡೆಯಬೇಕು ಎಂದರು. ನಿಜ ಸಾಹಿತ್ಯ ಸೇವೆ ಮಾಡಿದವರನ್ನು ಗೌರವಿಸುವುದು ಪರಿಷತ್ತಿನ ಕರ್ತವ್ಯವಾಗಿದೆ ಎಂದು ಹೇಳಿದರು.	ಹುಮನಾಬಾದ: ತಾಲ್ಲೂಕಿನ ಶ್ರೀ ಶರಣ ಕಿನ್ನರಿ ಬೊಮ್ಮಯ್ಯನವರ ೫೫೭ನೇ ಜಾತ್ರಾ ಮಹೋತ್ಸವದ ವೇದಿಕೆ ಕಾರ್ಯಕ್ರಮದಲ್ಲಿ ಸಂಗಮೇಶ್ವರ ಹಿರಿಯ ಪ್ರಾಥಮಿಕ ಶಾಲಾ ಮಕ್ಕಳಿಂದ ನೃತ್ಯ ಪ್ರದರ್ಶಿಸಲಾಯಿತು. ಮಾಜಿ ಸಚಿವ ರಾಜಶೇಖರ ಪಾಟೀಲ್, ಸಭಾಪತಿ ಮಲ್ಲಿಕಾರ್ಜುನ ಖರ್ಗೆ, ಶೋಭಾ, ಹಾಗೂ ಕಿನ್ನರಿ ಸಮಾಜದ ಅಧ್ಯಕ್ಷ ಉಪಾಧ್ಯಕ್ಷರು ಉಪಸ್ಥಿತರಿದ್ದರು.
